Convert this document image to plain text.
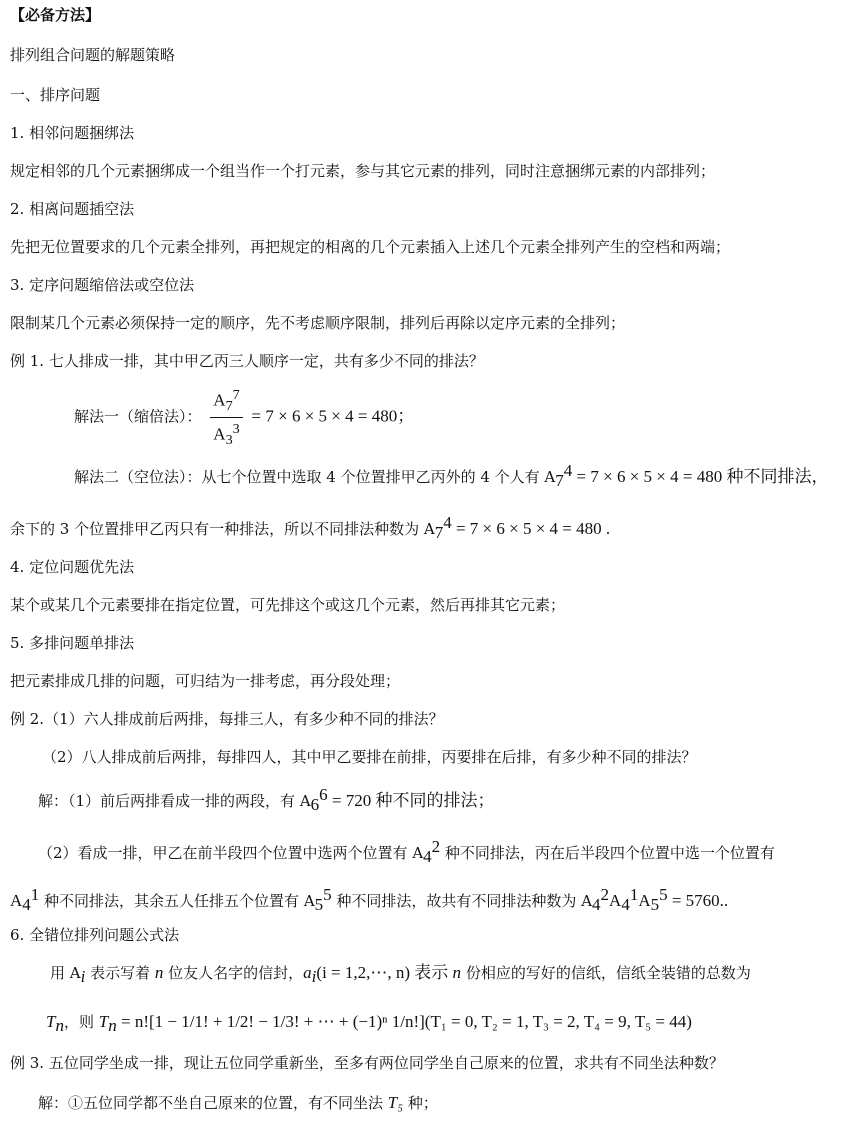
【必备方法】
排列组合问题的解题策略
一、排序问题
1. 相邻问题捆绑法
规定相邻的几个元素捆绑成一个组当作一个打元素，参与其它元素的排列，同时注意捆绑元素的内部排列；
2. 相离问题插空法
先把无位置要求的几个元素全排列，再把规定的相离的几个元素插入上述几个元素全排列产生的空档和两端；
3. 定序问题缩倍法或空位法
限制某几个元素必须保持一定的顺序，先不考虑顺序限制，排列后再除以定序元素的全排列；
例 1. 七人排成一排，其中甲乙丙三人顺序一定，共有多少不同的排法？
解法一（缩倍法）： $\frac{A_7^7}{A_3^3} = 7 \times 6 \times 5 \times 4 = 480$；
解法二（空位法）：从七个位置中选取 4 个位置排甲乙丙外的 4 个人有 $A_7^4 = 7 \times 6 \times 5 \times 4 = 480$ 种不同排法，
余下的 3 个位置排甲乙丙只有一种排法，所以不同排法种数为 $A_7^4 = 7 \times 6 \times 5 \times 4 = 480$ .
4. 定位问题优先法
某个或某几个元素要排在指定位置，可先排这个或这几个元素，然后再排其它元素；
5. 多排问题单排法
把元素排成几排的问题，可归结为一排考虑，再分段处理；
例 2.（1）六人排成前后两排，每排三人，有多少种不同的排法？
（2）八人排成前后两排，每排四人，其中甲乙要排在前排，丙要排在后排，有多少种不同的排法？
解：（1）前后两排看成一排的两段，有 $A_6^6 = 720$ 种不同的排法；
（2）看成一排，甲乙在前半段四个位置中选两个位置有 $A_4^2$ 种不同排法，丙在后半段四个位置中选一个位置有
$A_4^1$ 种不同排法，其余五人任排五个位置有 $A_5^5$ 种不同排法，故共有不同排法种数为 $A_4^2A_4^1A_5^5 = 5760$..
6. 全错位排列问题公式法
用 $A_i$ 表示写着 n 位友人名字的信封，$a_i(i$ = 1,2,⋯, n) 表示 n 份相应的写好的信纸，信纸全装错的总数为
$T_n$，则 $T_n = n![1 - 1/1$! + 1/2! − 1/3! + ⋯ + (−1)ⁿ 1/n!](T₁ = 0, T₂ = 1, T₃ = 2, T₄ = 9, T₅ = 44)
例 3. 五位同学坐成一排，现让五位同学重新坐，至多有两位同学坐自己原来的位置，求共有不同坐法种数？
解：①五位同学都不坐自己原来的位置，有不同坐法 T₅ 种；
